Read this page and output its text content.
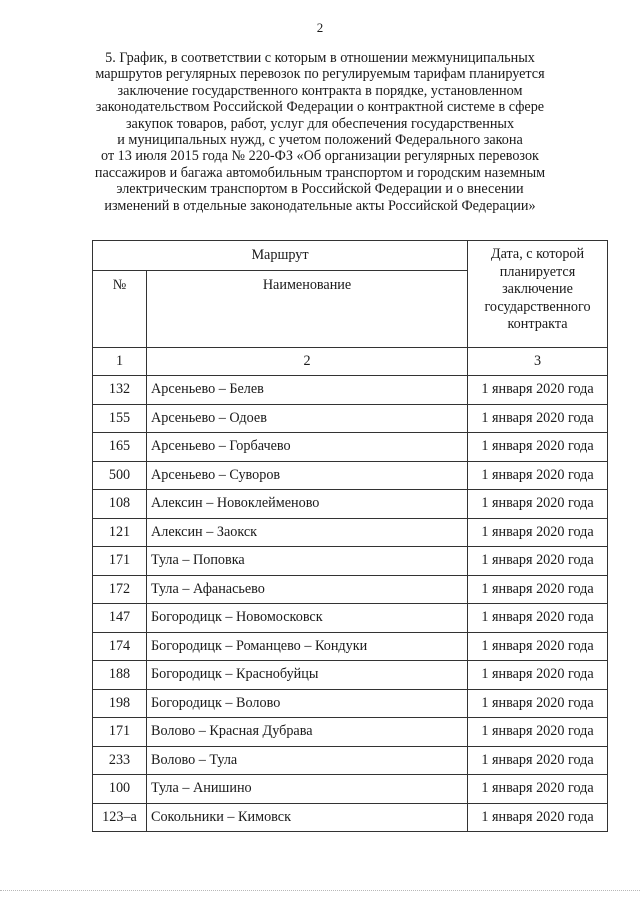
2
5. График, в соответствии с которым в отношении межмуниципальных
маршрутов регулярных перевозок по регулируемым тарифам планируется
заключение государственного контракта в порядке, установленном
законодательством Российской Федерации о контрактной системе в сфере
закупок товаров, работ, услуг для обеспечения государственных
и муниципальных нужд, с учетом положений Федерального закона
от 13 июля 2015 года № 220-ФЗ «Об организации регулярных перевозок
пассажиров и багажа автомобильным транспортом и городским наземным
электрическим транспортом в Российской Федерации и о внесении
изменений в отдельные законодательные акты Российской Федерации»
Маршрут		Дата, с которой
планируется
заключение
государственного
контракта

№	Наименование	
1	2	3
132	Арсеньево – Белев	1 января 2020 года
155	Арсеньево – Одоев	1 января 2020 года
165	Арсеньево – Горбачево	1 января 2020 года
500	Арсеньево – Суворов	1 января 2020 года
108	Алексин – Новоклейменово	1 января 2020 года
121	Алексин – Заокск	1 января 2020 года
171	Тула – Поповка	1 января 2020 года
172	Тула – Афанасьево	1 января 2020 года
147	Богородицк – Новомосковск	1 января 2020 года
174	Богородицк – Романцево – Кондуки	1 января 2020 года
188	Богородицк – Краснобуйцы	1 января 2020 года
198	Богородицк – Волово	1 января 2020 года
171	Волово – Красная Дубрава	1 января 2020 года
233	Волово – Тула	1 января 2020 года
100	Тула – Анишино	1 января 2020 года
123–а	Сокольники – Кимовск	1 января 2020 года
